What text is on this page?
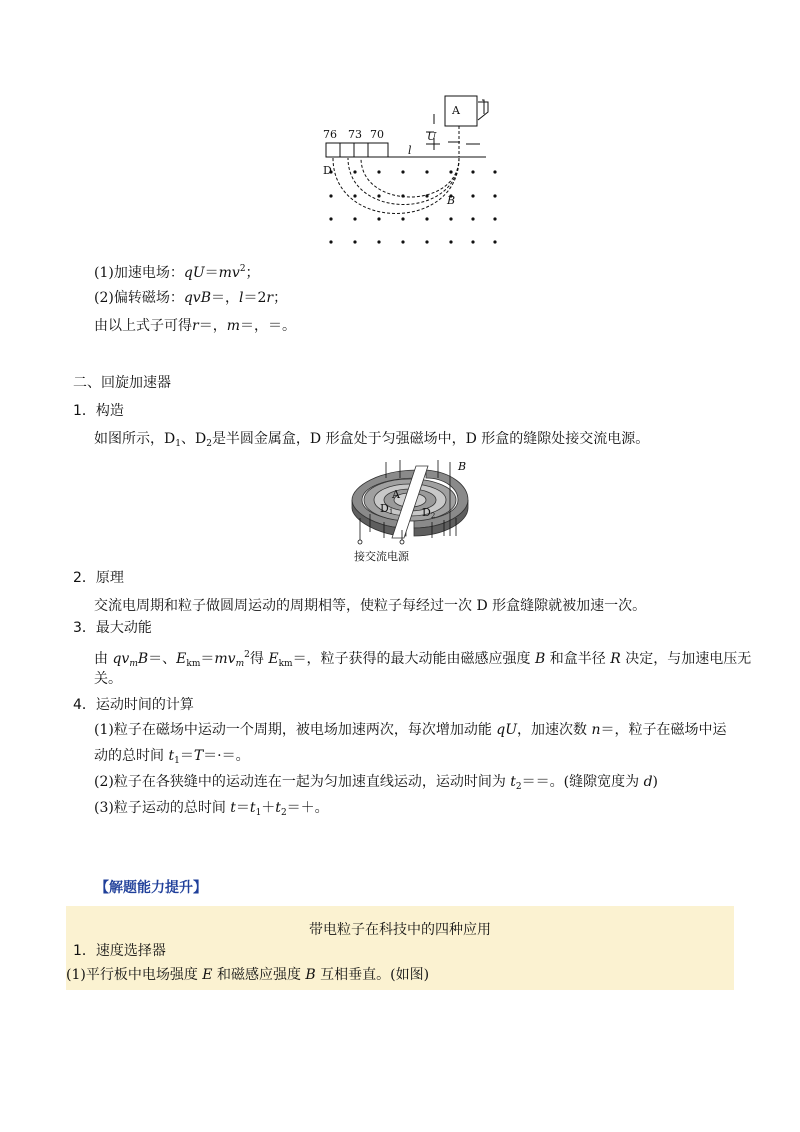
76 73 70
A
U
l
D
B
(1)加速电场：$qU=mv^2$；
(2)偏转磁场：qvB＝，l＝2r；
由以上式子可得r＝，m＝，＝。
二、回旋加速器
1．构造
如图所示，$D_1$、$D_2$是半圆金属盒，D 形盒处于匀强磁场中，D 形盒的缝隙处接交流电源。
B
A
D1	D2
接交流电源
2．原理
交流电周期和粒子做圆周运动的周期相等，使粒子每经过一次 D 形盒缝隙就被加速一次。
3．最大动能
由 $qv_mB=$、$E_{km}=mv_m^2$得 $E_{km}=$，粒子获得的最大动能由磁感应强度 B 和盒半径 R 决定，与加速电压无
关。
4．运动时间的计算
(1)粒子在磁场中运动一个周期，被电场加速两次，每次增加动能 qU，加速次数 n＝，粒子在磁场中运
动的总时间 $t_1=T=\cdot=$。
(2)粒子在各狭缝中的运动连在一起为匀加速直线运动，运动时间为 $t_2==$。(缝隙宽度为 d)
(3)粒子运动的总时间 $t=t_1+t_2=+$。
【解题能力提升】
带电粒子在科技中的四种应用
1．速度选择器
(1)平行板中电场强度 E 和磁感应强度 B 互相垂直。(如图)
